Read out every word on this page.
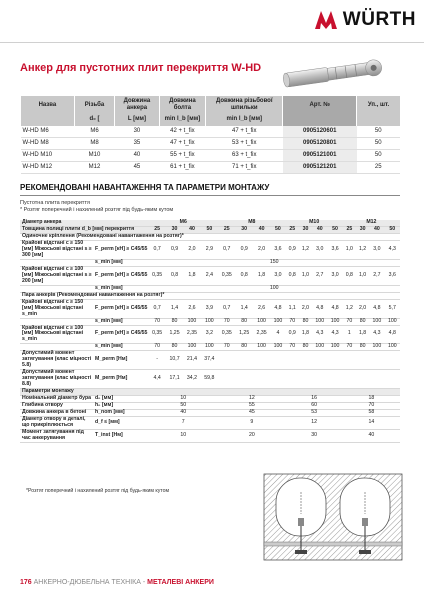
WÜRTH
Анкер для пустотних плит перекриття W-HD
Назва	Різьба	Довжина анкера	Довжина болта	Довжина різьбової шпильки	Арт. №	Уп., шт.
	d₀ [	L [мм]	min l_b [мм]	min l_b [мм]		
W-HD M6	M6	30	42 + t_fix	47 + t_fix	0905120601	50
W-HD M8	M8	35	47 + t_fix	53 + t_fix	0905120801	50
W-HD M10	M10	40	55 + t_fix	63 + t_fix	0905121001	50
W-HD M12	M12	45	61 + t_fix	71 + t_fix	0905121201	25
РЕКОМЕНДОВАНІ НАВАНТАЖЕННЯ ТА ПАРАМЕТРИ МОНТАЖУ
Пустотна плита перекриття
* Розтяг поперечний і нахилений розтяг під будь-яким кутом
Діаметр анкера		M6				M8				M10				M12			
Товщина полиці плити d_b [мм] перекриття		25	30	40	50	25	30	40	50	25	30	40	50	25	30	40	50
Одиночне кріплення (Рекомендовані навантаження на розтяг)*																	
Крайові відстані c ≥ 150 [мм] Міжосьові відстані s ≥ 300 [мм]	F_perm [кН] ≥ C45/55	0,7	0,9	2,0	2,9	0,7	0,9	2,0	3,6	0,9	1,2	3,0	3,6	1,0	1,2	3,0	4,3
	s_min [мм]	150															
Крайові відстані c ≥ 100 [мм] Міжосьові відстані s ≥ 200 [мм]	F_perm [кН] ≥ C45/55	0,35	0,8	1,8	2,4	0,35	0,8	1,8	3,0	0,8	1,0	2,7	3,0	0,8	1,0	2,7	3,6
	s_min [мм]	100															
Пара анкерів (Рекомендовані навантаження на розтяг)*																	
Крайові відстані c ≥ 150 [мм] Міжосьові відстані s_min	F_perm [кН] ≥ C45/55	0,7	1,4	2,6	3,9	0,7	1,4	2,6	4,8	1,1	2,0	4,8	4,8	1,2	2,0	4,8	5,7
	s_min [мм]	70	80	100	100	70	80	100	100	70	80	100	100	70	80	100	100
Крайові відстані c ≥ 100 [мм] Міжосьові відстані s_min	F_perm [кН] ≥ C45/55	0,35	1,25	2,35	3,2	0,35	1,25	2,35	4	0,9	1,8	4,3	4,3	1	1,8	4,3	4,8
	s_min [мм]	70	80	100	100	70	80	100	100	70	80	100	100	70	80	100	100
Допустимий момент затягування (клас міцності 5.8)	M_perm [Нм]	-	10,7	21,4	37,4												
Допустимий момент затягування (клас міцності 8.8)	M_perm [Нм]	4,4	17,1	34,2	59,8												
Параметри монтажу																	
Номінальний діаметр бура	d₀ [мм]	10				12				16				18			
Глибина отвору	h₀ [мм]	50				55				60				70			
Довжина анкера в бетоні	h_nom [мм]	40				45				53				58			
Діаметр отвору в деталі, що прикріплюється	d_f ≤ [мм]	7				9				12				14			
Момент затягування під час анкерування	T_inst [Нм]	10				20				30				40			
*Розтяг поперечний і нахилений розтяг під будь-яким кутом
176 АНКЕРНО-ДЮБЕЛЬНА ТЕХНІКА - МЕТАЛЕВІ АНКЕРИ
